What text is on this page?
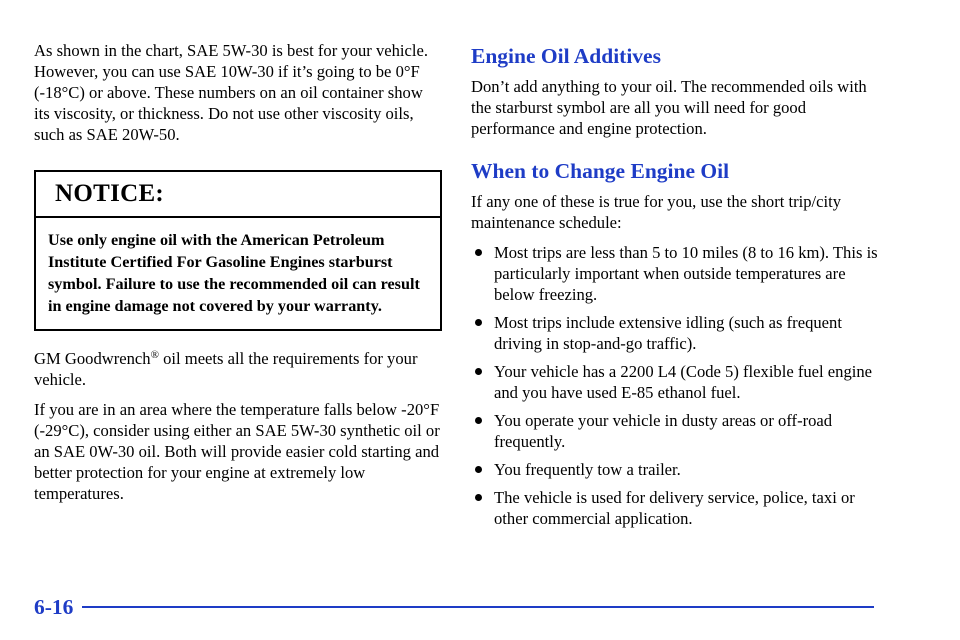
As shown in the chart, SAE 5W-30 is best for your vehicle. However, you can use SAE 10W-30 if it’s going to be 0°F (-18°C) or above. These numbers on an oil container show its viscosity, or thickness. Do not use other viscosity oils, such as SAE 20W-50.

NOTICE:
Use only engine oil with the American Petroleum Institute Certified For Gasoline Engines starburst symbol. Failure to use the recommended oil can result in engine damage not covered by your warranty.

GM Goodwrench® oil meets all the requirements for your vehicle.

If you are in an area where the temperature falls below -20°F (-29°C), consider using either an SAE 5W-30 synthetic oil or an SAE 0W-30 oil. Both will provide easier cold starting and better protection for your engine at extremely low temperatures.

Engine Oil Additives

Don’t add anything to your oil. The recommended oils with the starburst symbol are all you will need for good performance and engine protection.

When to Change Engine Oil

If any one of these is true for you, use the short trip/city maintenance schedule:

Most trips are less than 5 to 10 miles (8 to 16 km). This is particularly important when outside temperatures are below freezing.
Most trips include extensive idling (such as frequent driving in stop-and-go traffic).
Your vehicle has a 2200 L4 (Code 5) flexible fuel engine and you have used E-85 ethanol fuel.
You operate your vehicle in dusty areas or off-road frequently.
You frequently tow a trailer.
The vehicle is used for delivery service, police, taxi or other commercial application.
6-16
